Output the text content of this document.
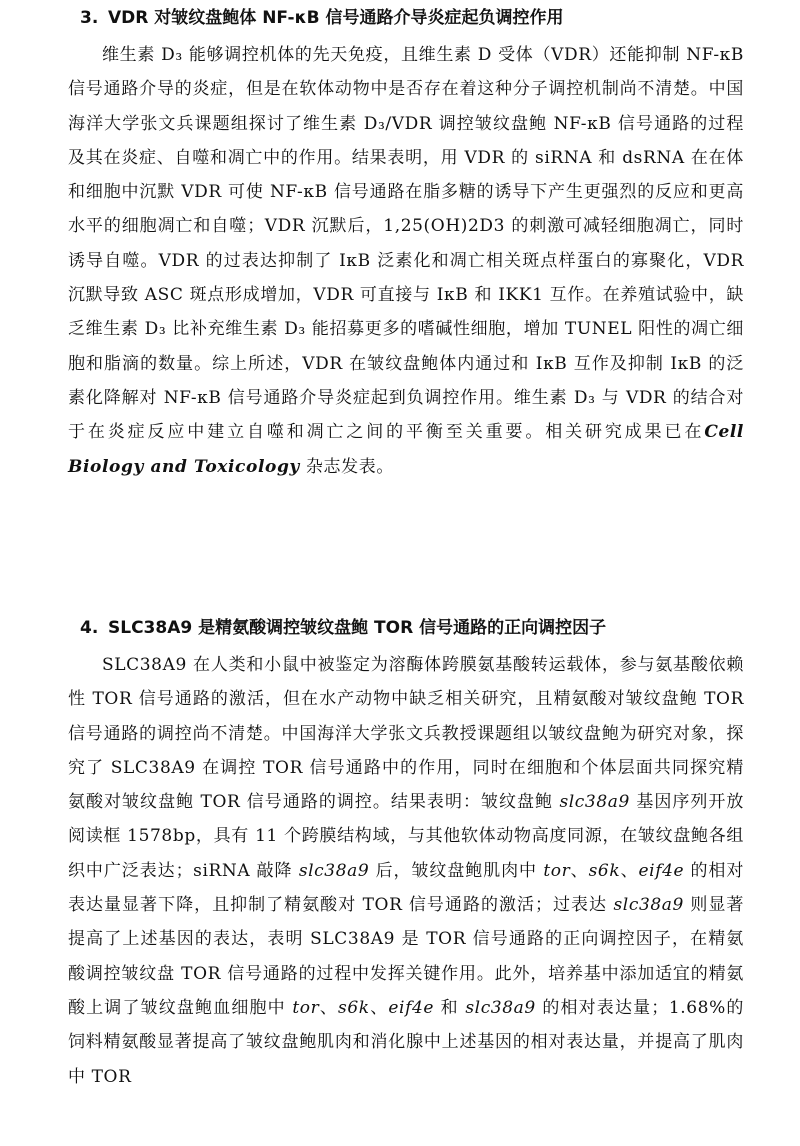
3. VDR 对皱纹盘鲍体 NF-κB 信号通路介导炎症起负调控作用
维生素 D₃ 能够调控机体的先天免疫，且维生素 D 受体（VDR）还能抑制 NF-κB 信号通路介导的炎症，但是在软体动物中是否存在着这种分子调控机制尚不清楚。中国海洋大学张文兵课题组探讨了维生素 D₃/VDR 调控皱纹盘鲍 NF-κB 信号通路的过程及其在炎症、自噬和凋亡中的作用。结果表明，用 VDR 的 siRNA 和 dsRNA 在在体和细胞中沉默 VDR 可使 NF-κB 信号通路在脂多糖的诱导下产生更强烈的反应和更高水平的细胞凋亡和自噬；VDR 沉默后，1,25(OH)2D3 的刺激可减轻细胞凋亡，同时诱导自噬。VDR 的过表达抑制了 IκB 泛素化和凋亡相关斑点样蛋白的寡聚化，VDR 沉默导致 ASC 斑点形成增加，VDR 可直接与 IκB 和 IKK1 互作。在养殖试验中，缺乏维生素 D₃ 比补充维生素 D₃ 能招募更多的嗜碱性细胞，增加 TUNEL 阳性的凋亡细胞和脂滴的数量。综上所述，VDR 在皱纹盘鲍体内通过和 IκB 互作及抑制 IκB 的泛素化降解对 NF-κB 信号通路介导炎症起到负调控作用。维生素 D₃ 与 VDR 的结合对于在炎症反应中建立自噬和凋亡之间的平衡至关重要。相关研究成果已在Cell Biology and Toxicology 杂志发表。
4. SLC38A9 是精氨酸调控皱纹盘鲍 TOR 信号通路的正向调控因子
SLC38A9 在人类和小鼠中被鉴定为溶酶体跨膜氨基酸转运载体，参与氨基酸依赖性 TOR 信号通路的激活，但在水产动物中缺乏相关研究，且精氨酸对皱纹盘鲍 TOR 信号通路的调控尚不清楚。中国海洋大学张文兵教授课题组以皱纹盘鲍为研究对象，探究了 SLC38A9 在调控 TOR 信号通路中的作用，同时在细胞和个体层面共同探究精氨酸对皱纹盘鲍 TOR 信号通路的调控。结果表明：皱纹盘鲍 slc38a9 基因序列开放阅读框 1578bp，具有 11 个跨膜结构域，与其他软体动物高度同源，在皱纹盘鲍各组织中广泛表达；siRNA 敲降 slc38a9 后，皱纹盘鲍肌肉中 tor、s6k、eif4e 的相对表达量显著下降，且抑制了精氨酸对 TOR 信号通路的激活；过表达 slc38a9 则显著提高了上述基因的表达，表明 SLC38A9 是 TOR 信号通路的正向调控因子，在精氨酸调控皱纹盘 TOR 信号通路的过程中发挥关键作用。此外，培养基中添加适宜的精氨酸上调了皱纹盘鲍血细胞中 tor、s6k、eif4e 和 slc38a9 的相对表达量；1.68%的饲料精氨酸显著提高了皱纹盘鲍肌肉和消化腺中上述基因的相对表达量，并提高了肌肉中 TOR
